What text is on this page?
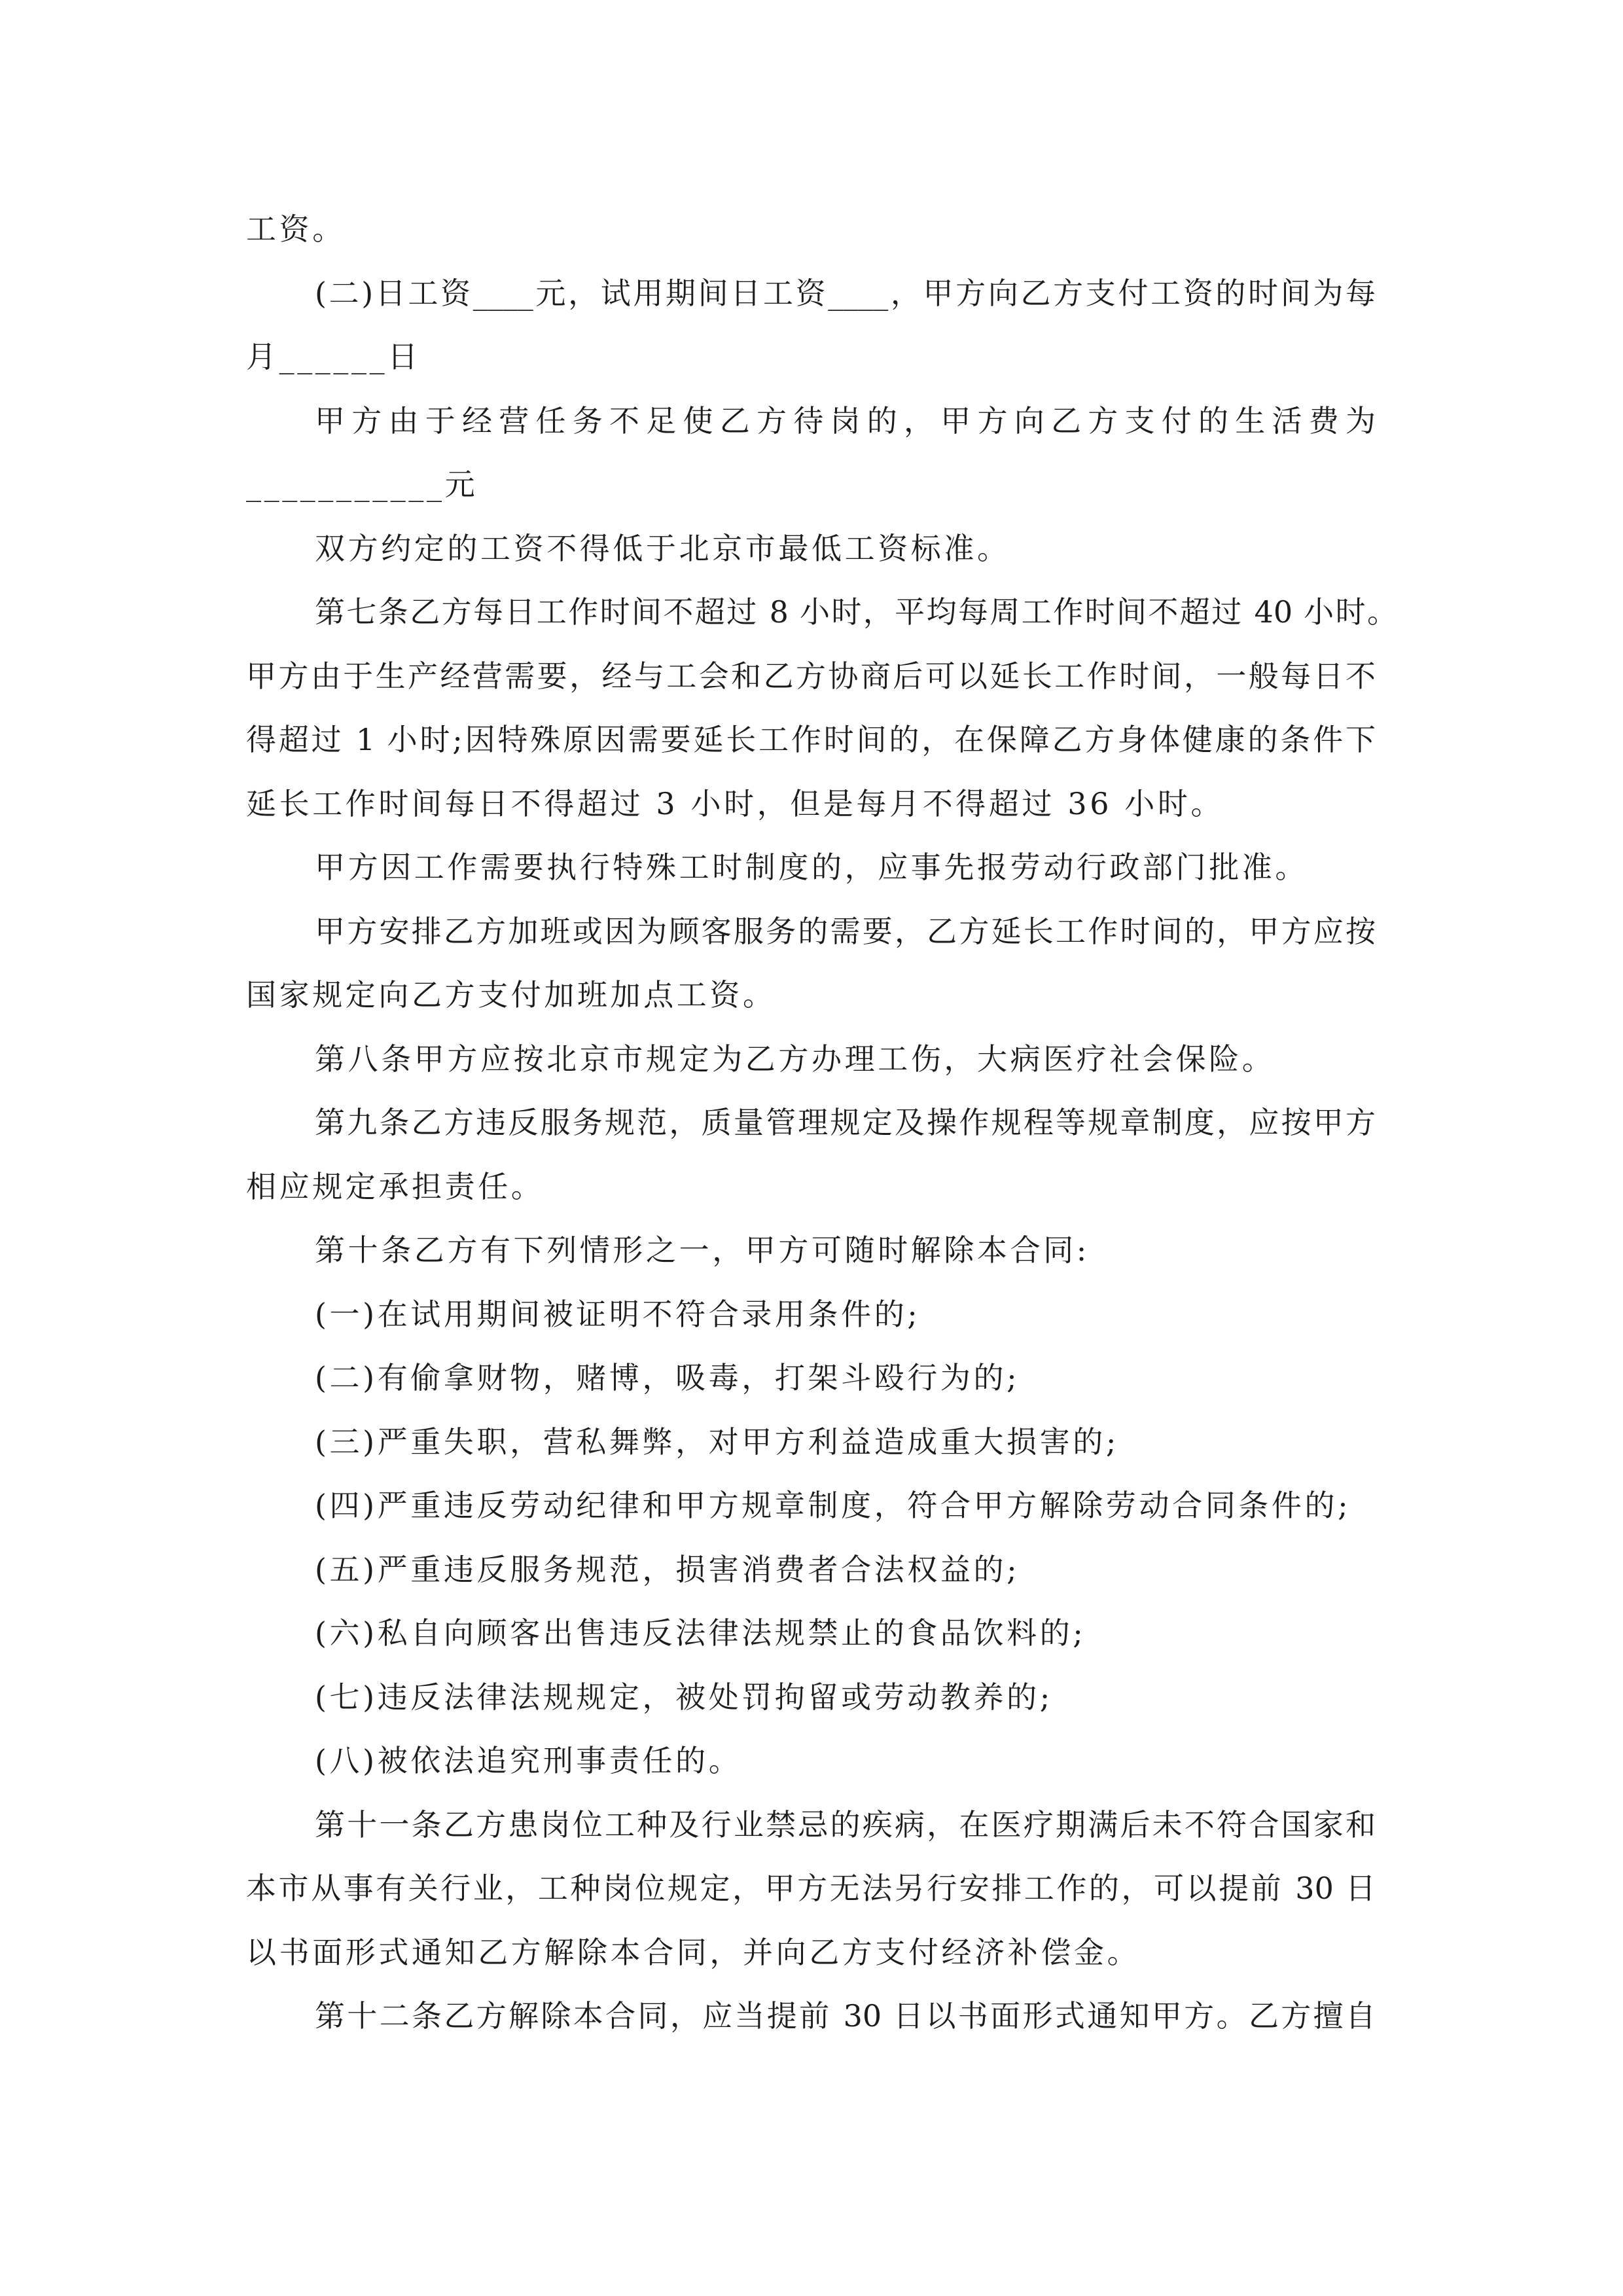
工资。
(二)日工资____元，试用期间日工资____，甲方向乙方支付工资的时间为每
月______日
甲方由于经营任务不足使乙方待岗的，甲方向乙方支付的生活费为
___________元
双方约定的工资不得低于北京市最低工资标准。
第七条乙方每日工作时间不超过 8 小时，平均每周工作时间不超过 40 小时。
甲方由于生产经营需要，经与工会和乙方协商后可以延长工作时间，一般每日不
得超过 1 小时;因特殊原因需要延长工作时间的，在保障乙方身体健康的条件下
延长工作时间每日不得超过 3 小时，但是每月不得超过 36 小时。
甲方因工作需要执行特殊工时制度的，应事先报劳动行政部门批准。
甲方安排乙方加班或因为顾客服务的需要，乙方延长工作时间的，甲方应按
国家规定向乙方支付加班加点工资。
第八条甲方应按北京市规定为乙方办理工伤，大病医疗社会保险。
第九条乙方违反服务规范，质量管理规定及操作规程等规章制度，应按甲方
相应规定承担责任。
第十条乙方有下列情形之一，甲方可随时解除本合同:
(一)在试用期间被证明不符合录用条件的;
(二)有偷拿财物，赌博，吸毒，打架斗殴行为的;
(三)严重失职，营私舞弊，对甲方利益造成重大损害的;
(四)严重违反劳动纪律和甲方规章制度，符合甲方解除劳动合同条件的;
(五)严重违反服务规范，损害消费者合法权益的;
(六)私自向顾客出售违反法律法规禁止的食品饮料的;
(七)违反法律法规规定，被处罚拘留或劳动教养的;
(八)被依法追究刑事责任的。
第十一条乙方患岗位工种及行业禁忌的疾病，在医疗期满后未不符合国家和
本市从事有关行业，工种岗位规定，甲方无法另行安排工作的，可以提前 30 日
以书面形式通知乙方解除本合同，并向乙方支付经济补偿金。
第十二条乙方解除本合同，应当提前 30 日以书面形式通知甲方。乙方擅自
